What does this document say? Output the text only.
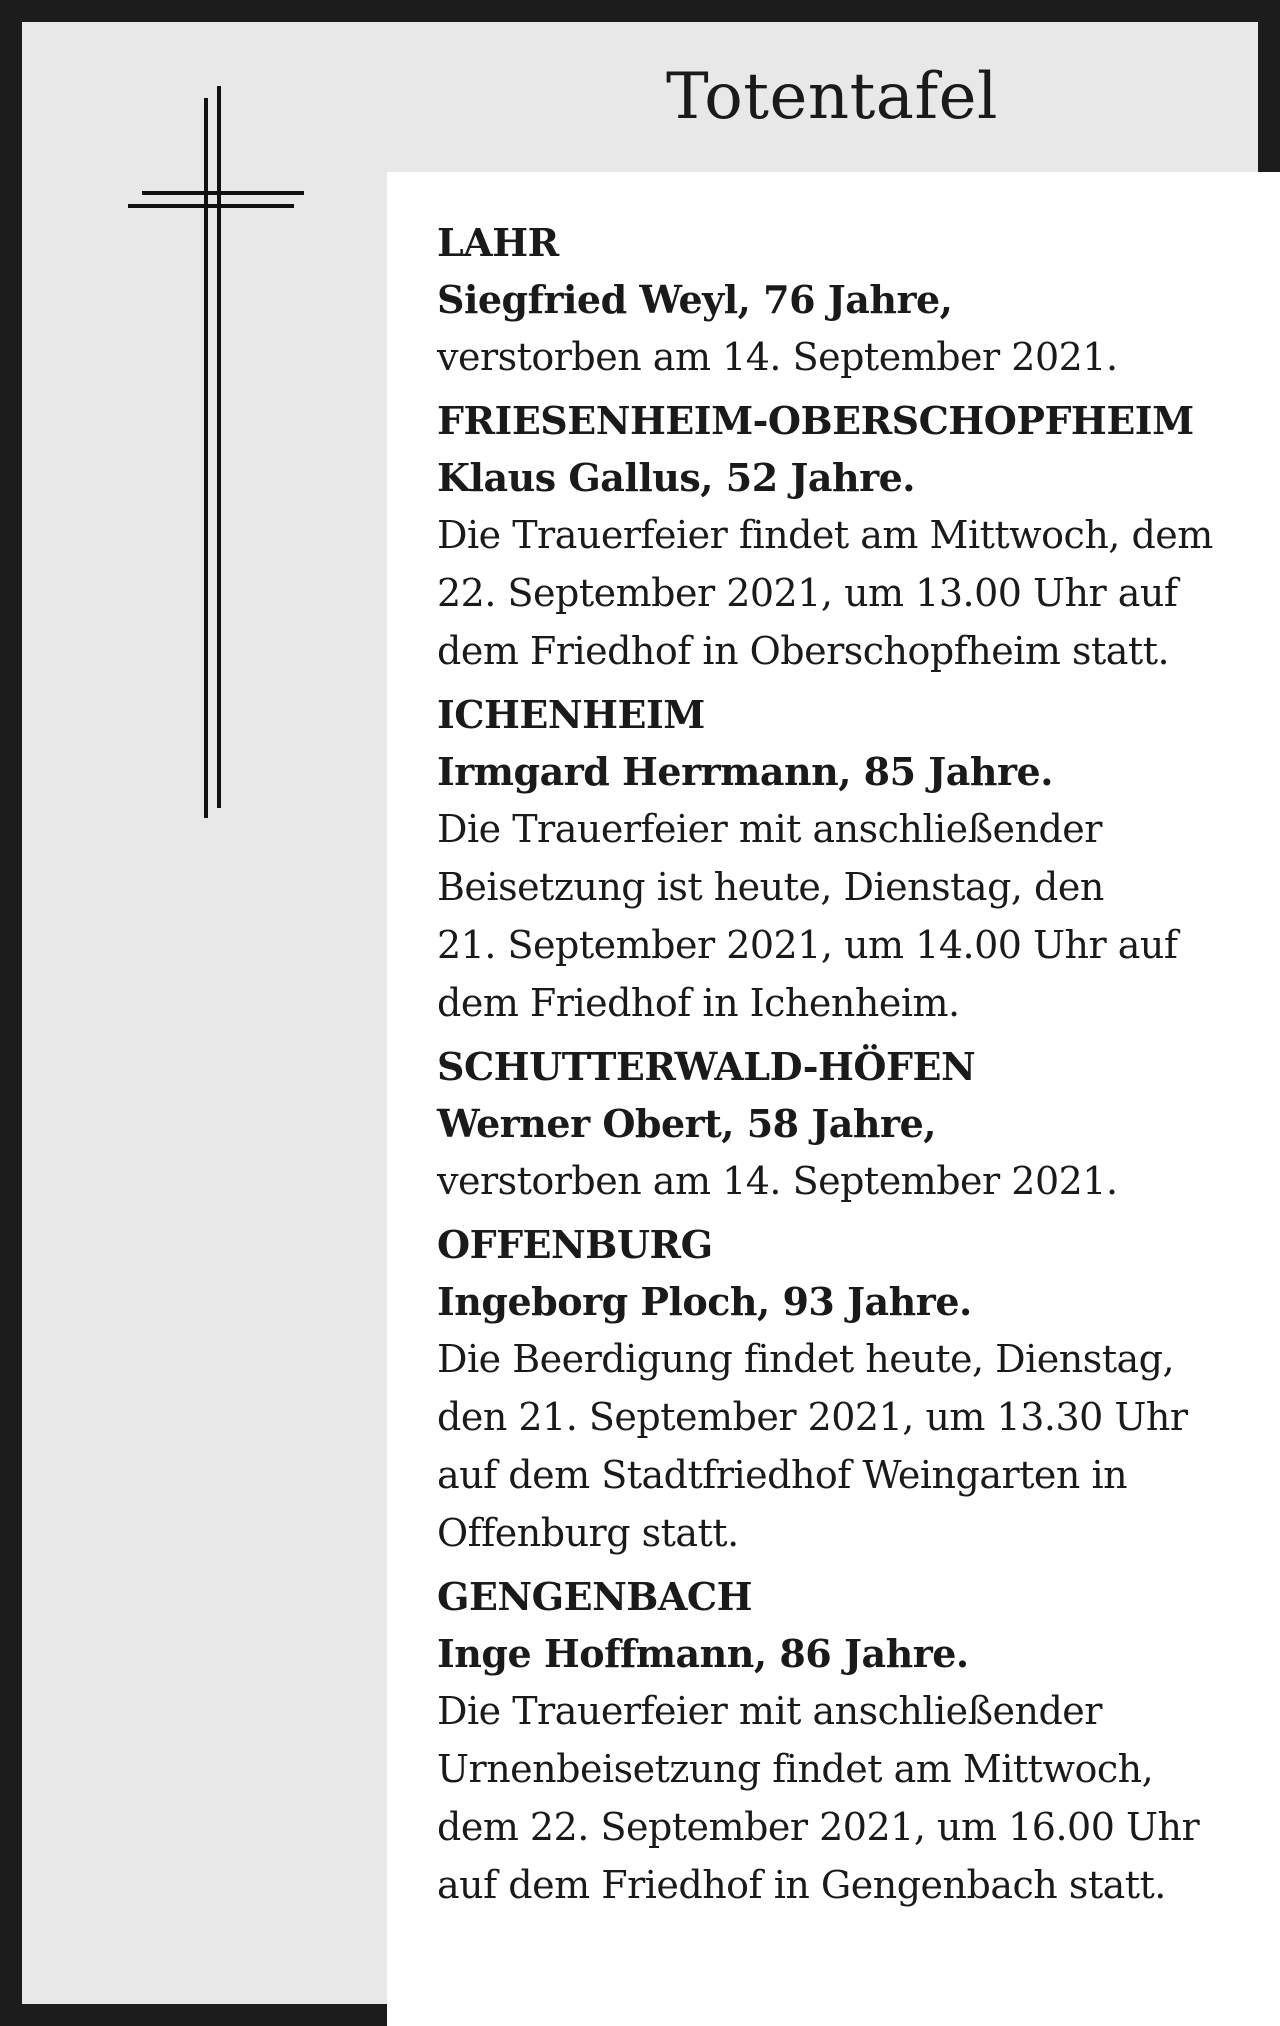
Totentafel
LAHR
Siegfried Weyl, 76 Jahre,
verstorben am 14. September 2021.
FRIESENHEIM-OBERSCHOPFHEIM
Klaus Gallus, 52 Jahre.
Die Trauerfeier findet am Mittwoch, dem
22. September 2021, um 13.00 Uhr auf
dem Friedhof in Oberschopfheim statt.
ICHENHEIM
Irmgard Herrmann, 85 Jahre.
Die Trauerfeier mit anschließender
Beisetzung ist heute, Dienstag, den
21. September 2021, um 14.00 Uhr auf
dem Friedhof in Ichenheim.
SCHUTTERWALD-HÖFEN
Werner Obert, 58 Jahre,
verstorben am 14. September 2021.
OFFENBURG
Ingeborg Ploch, 93 Jahre.
Die Beerdigung findet heute, Dienstag,
den 21. September 2021, um 13.30 Uhr
auf dem Stadtfriedhof Weingarten in
Offenburg statt.
GENGENBACH
Inge Hoffmann, 86 Jahre.
Die Trauerfeier mit anschließender
Urnenbeisetzung findet am Mittwoch,
dem 22. September 2021, um 16.00 Uhr
auf dem Friedhof in Gengenbach statt.
